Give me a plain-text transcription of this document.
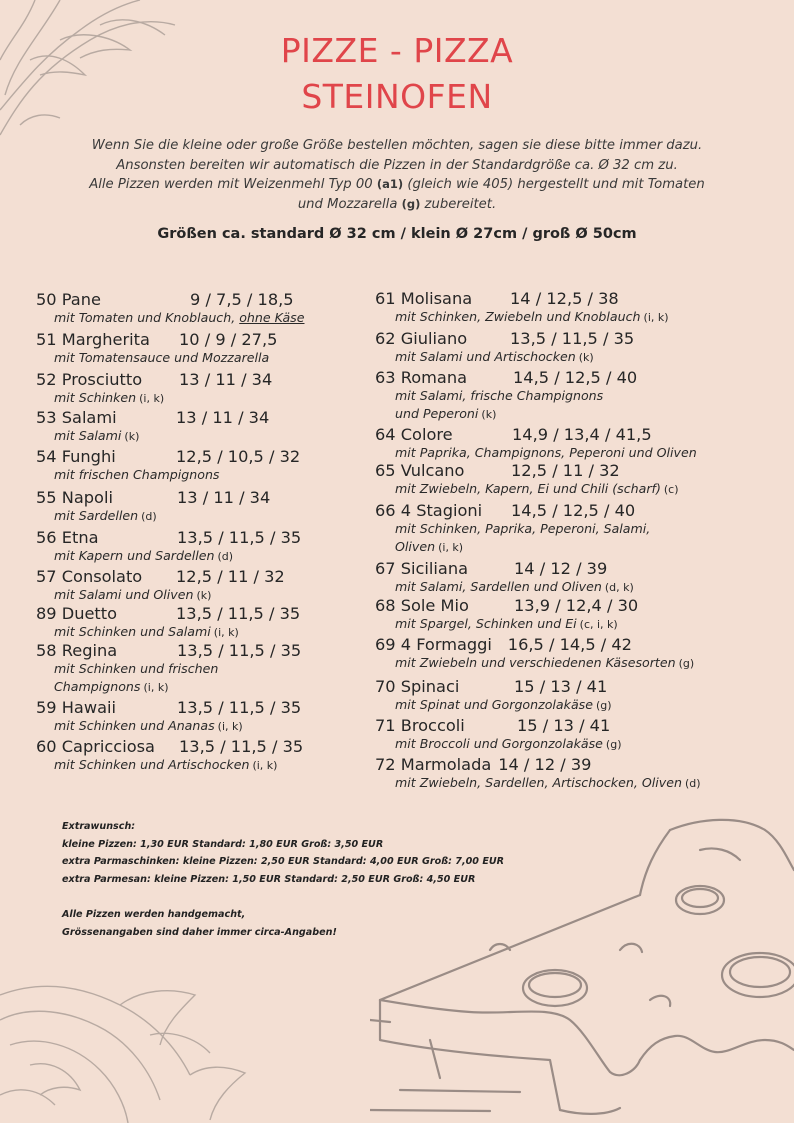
PIZZE - PIZZA
STEINOFEN
Wenn Sie die kleine oder große Größe bestellen möchten, sagen sie diese bitte immer dazu.
Ansonsten bereiten wir automatisch die Pizzen in der Standardgröße ca. Ø 32 cm zu.
Alle Pizzen werden mit Weizenmehl Typ 00 (a1) (gleich wie 405) hergestellt und mit Tomaten
und Mozzarella (g) zubereitet.
Größen ca. standard Ø 32 cm / klein Ø 27cm / groß Ø 50cm
50 Pane	9 / 7,5 / 18,5
mit Tomaten und Knoblauch, ohne Käse
51 Margherita 10 / 9 / 27,5
mit Tomatensauce und Mozzarella
52 Prosciutto 13 / 11 / 34
mit Schinken (i, k)
53 Salami	13 / 11 / 34
mit Salami (k)
54 Funghi	12,5 / 10,5 / 32
mit frischen Champignons
55 Napoli	13 / 11 / 34
mit Sardellen (d)
56 Etna	13,5 / 11,5 / 35
mit Kapern und Sardellen (d)
57 Consolato 12,5 / 11 / 32
mit Salami und Oliven (k)
89 Duetto	13,5 / 11,5 / 35
mit Schinken und Salami (i, k)
58 Regina	13,5 / 11,5 / 35
mit Schinken und frischen
Champignons (i, k)
59 Hawaii	13,5 / 11,5 / 35
mit Schinken und Ananas (i, k)
60 Capricciosa 13,5 / 11,5 / 35
mit Schinken und Artischocken (i, k)
61 Molisana 14 / 12,5 / 38
mit Schinken, Zwiebeln und Knoblauch (i, k)
62 Giuliano	13,5 / 11,5 / 35
mit Salami und Artischocken (k)
63 Romana	14,5 / 12,5 / 40
mit Salami, frische Champignons
und Peperoni (k)
64 Colore	14,9 / 13,4 / 41,5
mit Paprika, Champignons, Peperoni und Oliven
65 Vulcano	12,5 / 11 / 32
mit Zwiebeln, Kapern, Ei und Chili (scharf) (c)
66 4 Stagioni 14,5 / 12,5 / 40
mit Schinken, Paprika, Peperoni, Salami,
Oliven (i, k)
67 Siciliana	14 / 12 / 39
mit Salami, Sardellen und Oliven (d, k)
68 Sole Mio	13,9 / 12,4 / 30
mit Spargel, Schinken und Ei (c, i, k)
69 4 Formaggi 16,5 / 14,5 / 42
mit Zwiebeln und verschiedenen Käsesorten (g)
70 Spinaci	15 / 13 / 41
mit Spinat und Gorgonzolakäse (g)
71 Broccoli	15 / 13 / 41
mit Broccoli und Gorgonzolakäse (g)
72 Marmolada 14 / 12 / 39
mit Zwiebeln, Sardellen, Artischocken, Oliven (d)
Extrawunsch:
kleine Pizzen: 1,30 EUR Standard: 1,80 EUR Groß: 3,50 EUR
extra Parmaschinken: kleine Pizzen: 2,50 EUR Standard: 4,00 EUR Groß: 7,00 EUR
extra Parmesan: kleine Pizzen: 1,50 EUR Standard: 2,50 EUR Groß: 4,50 EUR
Alle Pizzen werden handgemacht,
Grössenangaben sind daher immer circa-Angaben!
